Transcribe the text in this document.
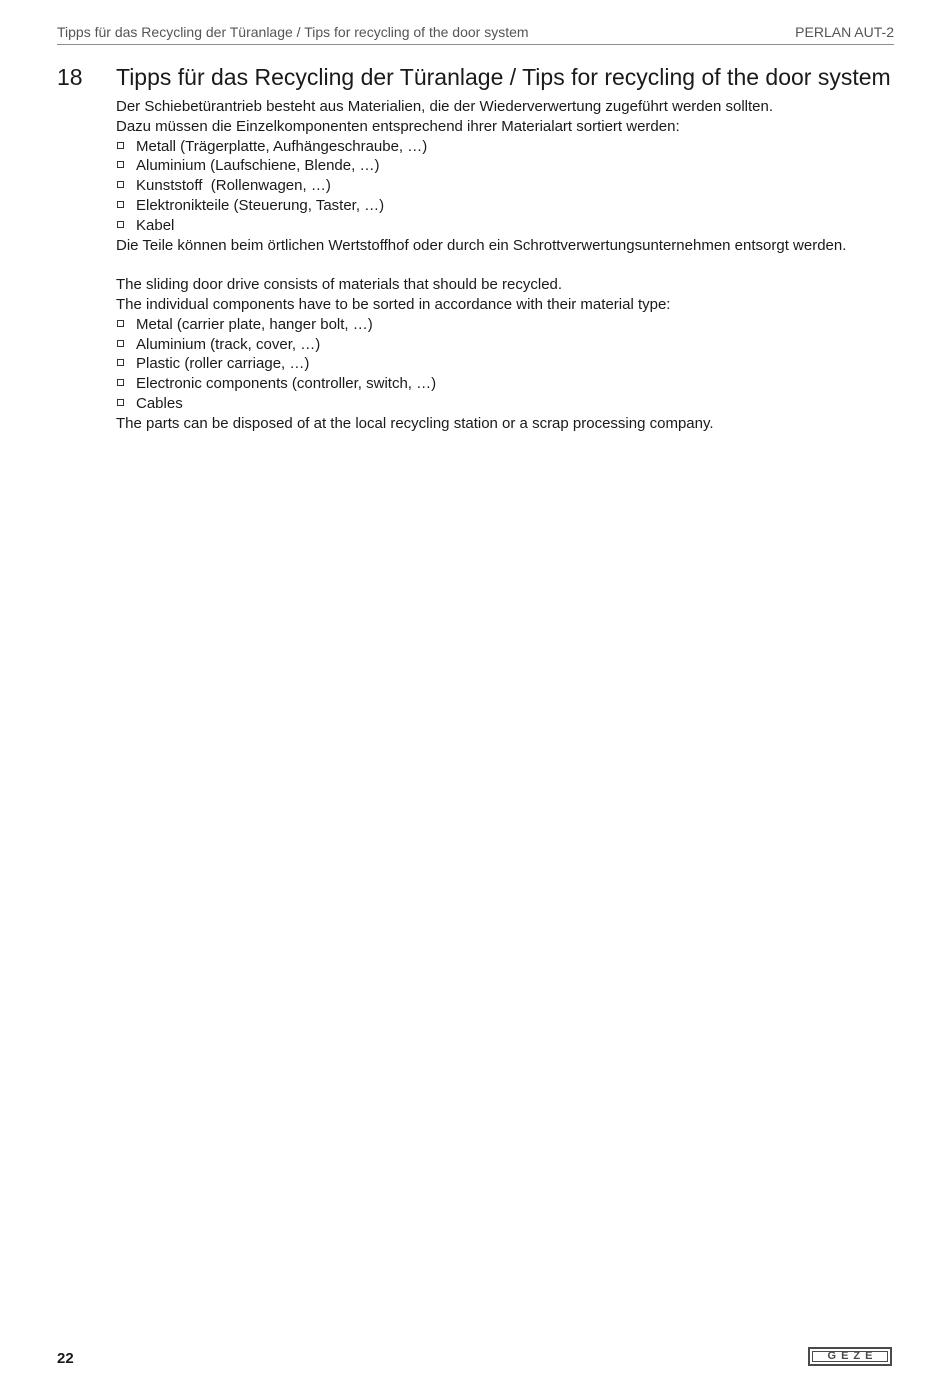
Tipps für das Recycling der Türanlage / Tips for recycling of the door system	PERLAN AUT-2
18 Tipps für das Recycling der Türanlage / Tips for recycling of the door system

Der Schiebetürantrieb besteht aus Materialien, die der Wiederverwertung zugeführt werden sollten.

Dazu müssen die Einzelkomponenten entsprechend ihrer Materialart sortiert werden:

Metall (Trägerplatte, Aufhängeschraube, …)
Aluminium (Laufschiene, Blende, …)
Kunststoff  (Rollenwagen, …)
Elektronikteile (Steuerung, Taster, …)
Kabel

Die Teile können beim örtlichen Wertstoffhof oder durch ein Schrottverwertungsunternehmen entsorgt werden.

The sliding door drive consists of materials that should be recycled.

The individual components have to be sorted in accordance with their material type:

Metal (carrier plate, hanger bolt, …)
Aluminium (track, cover, …)
Plastic (roller carriage, …)
Electronic components (controller, switch, …)
Cables

The parts can be disposed of at the local recycling station or a scrap processing company.

22	GEZE
